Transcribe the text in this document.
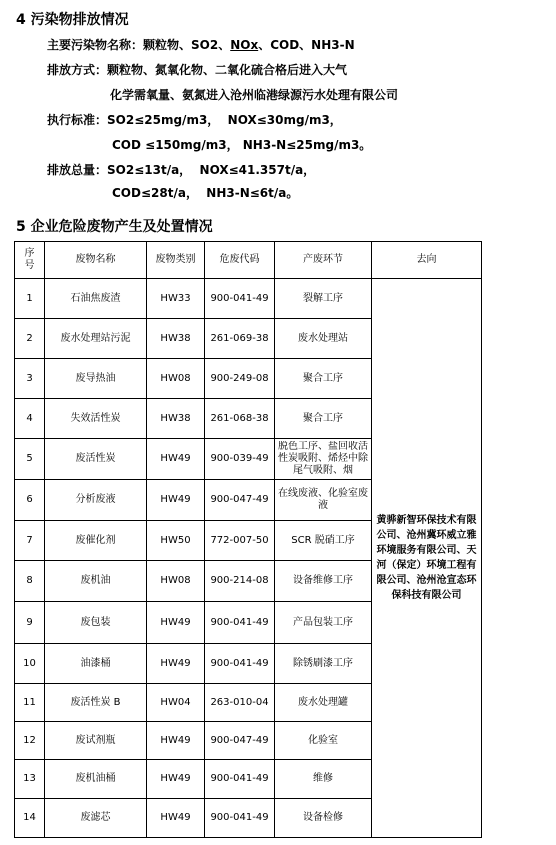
4 污染物排放情况
主要污染物名称：颗粒物、SO2、NOx、COD、NH3-N
排放方式：颗粒物、氮氧化物、二氧化硫合格后进入大气
化学需氧量、氨氮进入沧州临港绿源污水处理有限公司
执行标准：SO2≤25mg/m3，  NOX≤30mg/m3，
COD ≤150mg/m3， NH3-N≤25mg/m3。
排放总量：SO2≤13t/a，  NOX≤41.357t/a，
COD≤28t/a，  NH3-N≤6t/a。
5 企业危险废物产生及处置情况
序号	废物名称	废物类别	危废代码	产废环节	去向
1	石油焦废渣	HW33	900-041-49	裂解工序	黄骅新智环保技术有限公司、沧州冀环威立雅环境服务有限公司、天河（保定）环境工程有限公司、沧州沧宣态环保科技有限公司
2	废水处理站污泥	HW38	261-069-38	废水处理站	
3	废导热油	HW08	900-249-08	聚合工序	
4	失效活性炭	HW38	261-068-38	聚合工序	
5	废活性炭	HW49	900-039-49	脱色工序、盐回收活性炭吸附、烯烃中除尾气吸附、烟	

6	分析废液	HW49	900-047-49	在线废液、化验室废液	
7	废催化剂	HW50	772-007-50	SCR 脱硝工序	
8	废机油	HW08	900-214-08	设备维修工序	
9	废包装	HW49	900-041-49	产品包装工序	
10	油漆桶	HW49	900-041-49	除锈刷漆工序	
11	废活性炭 B	HW04	263-010-04	废水处理罐	
12	废试剂瓶	HW49	900-047-49	化验室	
13	废机油桶	HW49	900-041-49	维修	
14	废滤芯	HW49	900-041-49	设备检修	
